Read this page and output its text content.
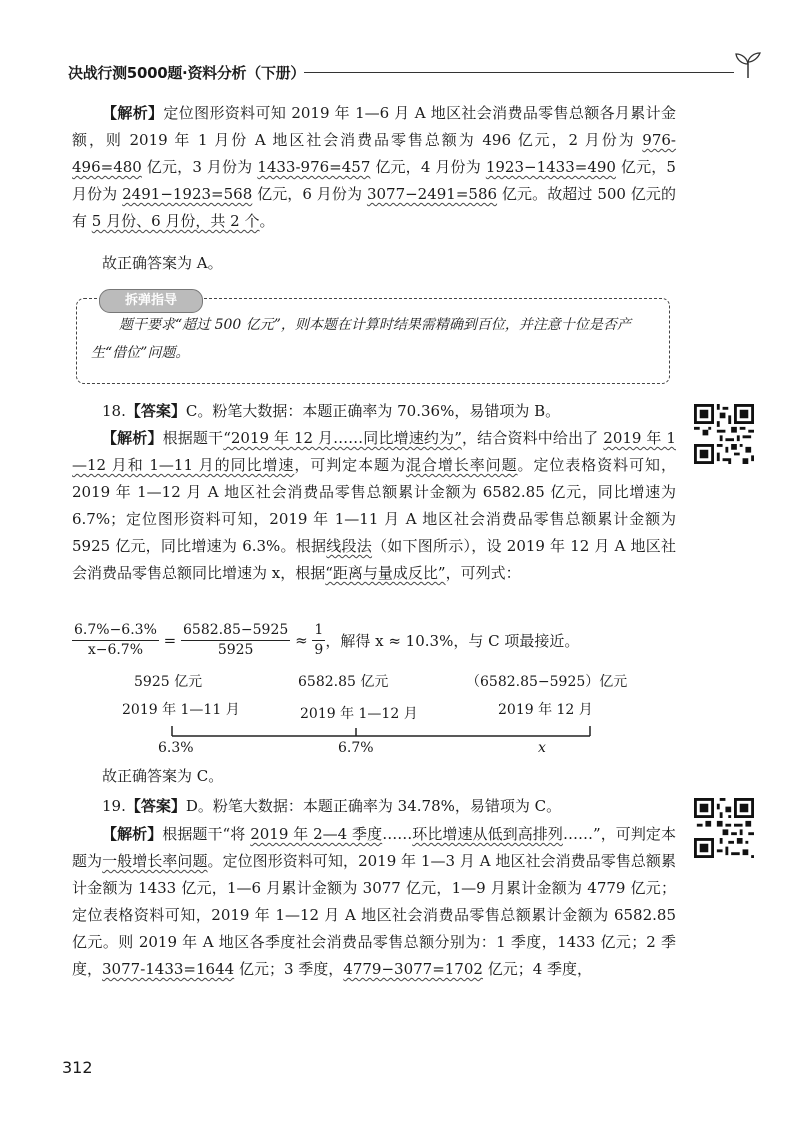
决战行测5000题·资料分析（下册）

【解析】定位图形资料可知 2019 年 1—6 月 A 地区社会消费品零售总额各月累计金额，则 2019 年 1 月份 A 地区社会消费品零售总额为 496 亿元，2 月份为 976-496=480 亿元，3 月份为 1433-976=457 亿元，4 月份为 1923−1433=490 亿元，5 月份为 2491−1923=568 亿元，6 月份为 3077−2491=586 亿元。故超过 500 亿元的有 5 月份、6 月份，共 2 个。

故正确答案为 A。

拆弹指导

题干要求“超过 500 亿元”，则本题在计算时结果需精确到百位，并注意十位是否产生“借位”问题。

18.【答案】C。粉笔大数据：本题正确率为 70.36%，易错项为 B。

【解析】根据题干“2019 年 12 月……同比增速约为”，结合资料中给出了 2019 年 1—12 月和 1—11 月的同比增速，可判定本题为混合增长率问题。定位表格资料可知，2019 年 1—12 月 A 地区社会消费品零售总额累计金额为 6582.85 亿元，同比增速为 6.7%；定位图形资料可知，2019 年 1—11 月 A 地区社会消费品零售总额累计金额为 5925 亿元，同比增速为 6.3%。根据线段法（如下图所示），设 2019 年 12 月 A 地区社会消费品零售总额同比增速为 x，根据“距离与量成反比”，可列式：

$\frac{6.7\%-6.3\%}{x-6.7\%} = \frac{6582.85-5925}{5925} \approx \frac{1}{9}$ ，解得 x ≈ 10.3%，与 C 项最接近。
5925 亿元	6582.85 亿元	（6582.85−5925）亿元
2019 年 1—11 月	2019 年 1—12 月	2019 年 12 月
6.3%	6.7%	x

故正确答案为 C。

19.【答案】D。粉笔大数据：本题正确率为 34.78%，易错项为 C。

【解析】根据题干“将 2019 年 2—4 季度……环比增速从低到高排列……”，可判定本题为一般增长率问题。定位图形资料可知，2019 年 1—3 月 A 地区社会消费品零售总额累计金额为 1433 亿元，1—6 月累计金额为 3077 亿元，1—9 月累计金额为 4779 亿元；定位表格资料可知，2019 年 1—12 月 A 地区社会消费品零售总额累计金额为 6582.85 亿元。则 2019 年 A 地区各季度社会消费品零售总额分别为：1 季度，1433 亿元；2 季度，3077-1433=1644 亿元；3 季度，4779−3077=1702 亿元；4 季度，

312
